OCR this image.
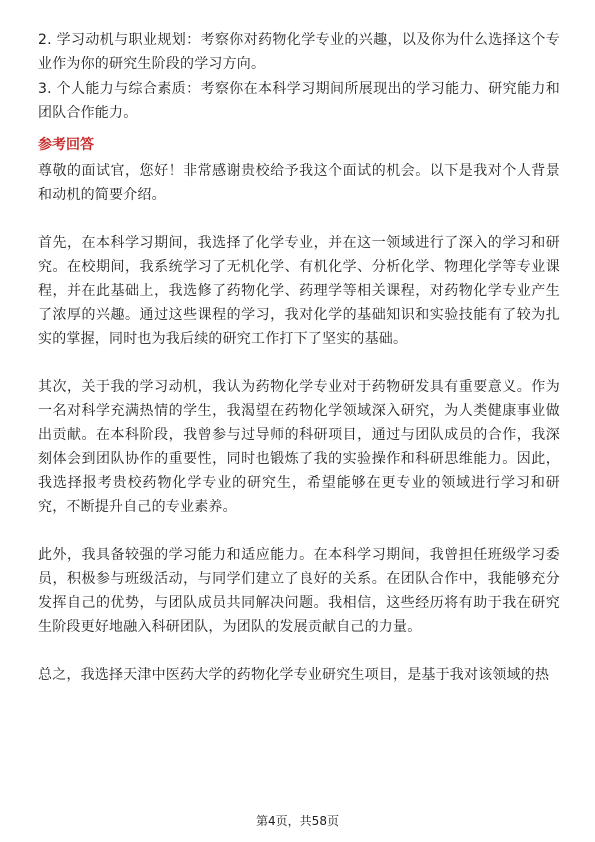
2. 学习动机与职业规划：考察你对药物化学专业的兴趣，以及你为什么选择这个专业作为你的研究生阶段的学习方向。

3. 个人能力与综合素质：考察你在本科学习期间所展现出的学习能力、研究能力和团队合作能力。

参考回答

尊敬的面试官，您好！非常感谢贵校给予我这个面试的机会。以下是我对个人背景和动机的简要介绍。

首先，在本科学习期间，我选择了化学专业，并在这一领域进行了深入的学习和研究。在校期间，我系统学习了无机化学、有机化学、分析化学、物理化学等专业课程，并在此基础上，我选修了药物化学、药理学等相关课程，对药物化学专业产生了浓厚的兴趣。通过这些课程的学习，我对化学的基础知识和实验技能有了较为扎实的掌握，同时也为我后续的研究工作打下了坚实的基础。

其次，关于我的学习动机，我认为药物化学专业对于药物研发具有重要意义。作为一名对科学充满热情的学生，我渴望在药物化学领域深入研究，为人类健康事业做出贡献。在本科阶段，我曾参与过导师的科研项目，通过与团队成员的合作，我深刻体会到团队协作的重要性，同时也锻炼了我的实验操作和科研思维能力。因此，我选择报考贵校药物化学专业的研究生，希望能够在更专业的领域进行学习和研究，不断提升自己的专业素养。

此外，我具备较强的学习能力和适应能力。在本科学习期间，我曾担任班级学习委员，积极参与班级活动，与同学们建立了良好的关系。在团队合作中，我能够充分发挥自己的优势，与团队成员共同解决问题。我相信，这些经历将有助于我在研究生阶段更好地融入科研团队，为团队的发展贡献自己的力量。

总之，我选择天津中医药大学的药物化学专业研究生项目，是基于我对该领域的热

第4页，共58页
